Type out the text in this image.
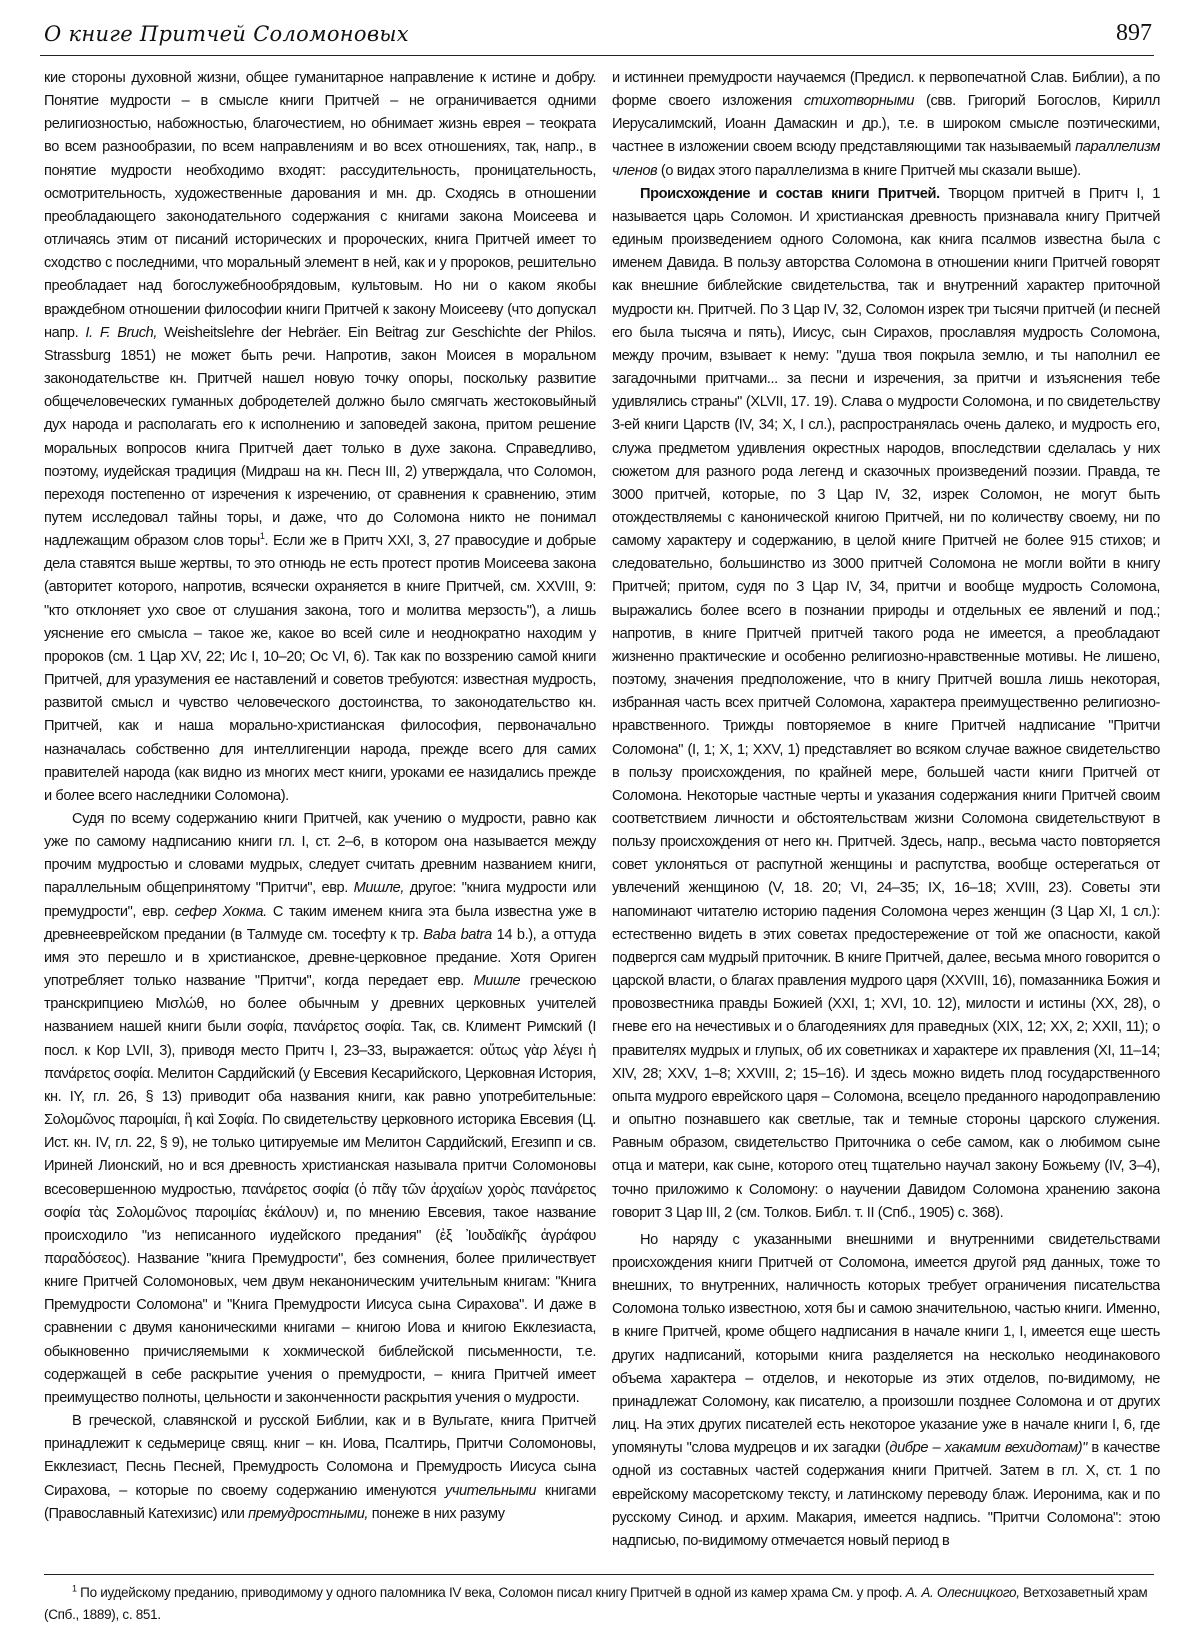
О книге Притчей Соломоновых	897

кие стороны духовной жизни, общее гуманитарное направление к истине и добру. Понятие мудрости – в смысле книги Притчей – не ограничивается одними религиозностью, набожностью, благочестием, но обнимает жизнь еврея – теократа во всем разнообразии, по всем направлениям и во всех отношениях, так, напр., в понятие мудрости необходимо входят: рассудительность, проницательность, осмотрительность, художественные дарования и мн. др. Сходясь в отношении преобладающего законодательного содержания с книгами закона Моисеева и отличаясь этим от писаний исторических и пророческих, книга Притчей имеет то сходство с последними, что моральный элемент в ней, как и у пророков, решительно преобладает над богослужебнообрядовым, культовым. Но ни о каком якобы враждебном отношении философии книги Притчей к закону Моисееву (что допускал напр. I. F. Bruch, Weisheitslehre der Hebräer. Ein Beitrag zur Geschichte der Philos. Strassburg 1851) не может быть речи. Напротив, закон Моисея в моральном законодательстве кн. Притчей нашел новую точку опоры, поскольку развитие общечеловеческих гуманных добродетелей должно было смягчать жестоковыйный дух народа и располагать его к исполнению и заповедей закона, притом решение моральных вопросов книга Притчей дает только в духе закона. Справедливо, поэтому, иудейская традиция (Мидраш на кн. Песн III, 2) утверждала, что Соломон, переходя постепенно от изречения к изречению, от сравнения к сравнению, этим путем исследовал тайны торы, и даже, что до Соломона никто не понимал надлежащим образом слов торы$^1$. Если же в Притч XXI, 3, 27 правосудие и добрые дела ставятся выше жертвы, то это отнюдь не есть протест против Моисеева закона (авторитет которого, напротив, всячески охраняется в книге Притчей, см. XXVIII, 9: "кто отклоняет ухо свое от слушания закона, того и молитва мерзость"), а лишь уяснение его смысла – такое же, какое во всей силе и неоднократно находим у пророков (см. 1 Цар XV, 22; Ис I, 10–20; Ос VI, 6). Так как по воззрению самой книги Притчей, для уразумения ее наставлений и советов требуются: известная мудрость, развитой смысл и чувство человеческого достоинства, то законодательство кн. Притчей, как и наша морально-христианская философия, первоначально назначалась собственно для интеллигенции народа, прежде всего для самих правителей народа (как видно из многих мест книги, уроками ее назидались прежде и более всего наследники Соломона).

Судя по всему содержанию книги Притчей, как учению о мудрости, равно как уже по самому надписанию книги гл. I, ст. 2–6, в котором она называется между прочим мудростью и словами мудрых, следует считать древним названием книги, параллельным общепринятому "Притчи", евр. Мишле, другое: "книга мудрости или премудрости", евр. сефер Хокма. С таким именем книга эта была известна уже в древнееврейском предании (в Талмуде см. тосефту к тр. Baba batra 14 b.), а оттуда имя это перешло и в христианское, древне-церковное предание. Хотя Ориген употребляет только название "Притчи", когда передает евр. Мишле греческою транскрипциею Μισλώθ, но более обычным у древних церковных учителей названием нашей книги были σοφία, πανάρετος σοφία. Так, св. Климент Римский (I посл. к Кор LVII, 3), приводя место Притч I, 23–33, выражается: οὕτως γὰρ λέγει ἡ πανάρετος σοφία. Мелитон Сардийский (у Евсевия Кесарийского, Церковная История, кн. IY, гл. 26, § 13) приводит оба названия книги, как равно употребительные: Σολομῶνος παροιμίαι, ἣ καὶ Σοφία. По свидетельству церковного историка Евсевия (Ц. Ист. кн. IV, гл. 22, § 9), не только цитируемые им Мелитон Сардийский, Егезипп и св. Ириней Лионский, но и вся древность христианская называла притчи Соломоновы всесовершенною мудростью, πανάρετος σοφία (ὁ πᾶγ τῶν ἀρχαίων χορὸς πανάρετος σοφία τὰς Σολομῶνος παροιμίας ἐκάλουν) и, по мнению Евсевия, такое название происходило "из неписанного иудейского предания" (ἐξ Ἰουδαϊκῆς ἀγράφου παραδόσεος). Название "книга Премудрости", без сомнения, более приличествует книге Притчей Соломоновых, чем двум неканоническим учительным книгам: "Книга Премудрости Соломона" и "Книга Премудрости Иисуса сына Сирахова". И даже в сравнении с двумя каноническими книгами – книгою Иова и книгою Екклезиаста, обыкновенно причисляемыми к хокмической библейской письменности, т.е. содержащей в себе раскрытие учения о премудрости, – книга Притчей имеет преимущество полноты, цельности и законченности раскрытия учения о мудрости.

В греческой, славянской и русской Библии, как и в Вульгате, книга Притчей принадлежит к седьмерице свящ. книг – кн. Иова, Псалтирь, Притчи Соломоновы, Екклезиаст, Песнь Песней, Премудрость Соломона и Премудрость Иисуса сына Сирахова, – которые по своему содержанию именуются учительными книгами (Православный Катехизис) или премудростными, понеже в них разуму

и истиннеи премудрости научаемся (Предисл. к первопечатной Слав. Библии), а по форме своего изложения стихотворными (свв. Григорий Богослов, Кирилл Иерусалимский, Иоанн Дамаскин и др.), т.е. в широком смысле поэтическими, частнее в изложении своем всюду представляющими так называемый параллелизм членов (о видах этого параллелизма в книге Притчей мы сказали выше).

Происхождение и состав книги Притчей. Творцом притчей в Притч I, 1 называется царь Соломон. И христианская древность признавала книгу Притчей единым произведением одного Соломона, как книга псалмов известна была с именем Давида. В пользу авторства Соломона в отношении книги Притчей говорят как внешние библейские свидетельства, так и внутренний характер приточной мудрости кн. Притчей. По 3 Цар IV, 32, Соломон изрек три тысячи притчей (и песней его была тысяча и пять), Иисус, сын Сирахов, прославляя мудрость Соломона, между прочим, взывает к нему: "душа твоя покрыла землю, и ты наполнил ее загадочными притчами... за песни и изречения, за притчи и изъяснения тебе удивлялись страны" (XLVII, 17. 19). Слава о мудрости Соломона, и по свидетельству 3-ей книги Царств (IV, 34; X, I сл.), распространялась очень далеко, и мудрость его, служа предметом удивления окрестных народов, впоследствии сделалась у них сюжетом для разного рода легенд и сказочных произведений поэзии. Правда, те 3000 притчей, которые, по 3 Цар IV, 32, изрек Соломон, не могут быть отождествляемы с канонической книгою Притчей, ни по количеству своему, ни по самому характеру и содержанию, в целой книге Притчей не более 915 стихов; и следовательно, большинство из 3000 притчей Соломона не могли войти в книгу Притчей; притом, судя по 3 Цар IV, 34, притчи и вообще мудрость Соломона, выражались более всего в познании природы и отдельных ее явлений и под.; напротив, в книге Притчей притчей такого рода не имеется, а преобладают жизненно практические и особенно религиозно-нравственные мотивы. Не лишено, поэтому, значения предположение, что в книгу Притчей вошла лишь некоторая, избранная часть всех притчей Соломона, характера преимущественно религиозно-нравственного. Трижды повторяемое в книге Притчей надписание "Притчи Соломона" (I, 1; X, 1; XXV, 1) представляет во всяком случае важное свидетельство в пользу происхождения, по крайней мере, большей части книги Притчей от Соломона. Некоторые частные черты и указания содержания книги Притчей своим соответствием личности и обстоятельствам жизни Соломона свидетельствуют в пользу происхождения от него кн. Притчей. Здесь, напр., весьма часто повторяется совет уклоняться от распутной женщины и распутства, вообще остерегаться от увлечений женщиною (V, 18. 20; VI, 24–35; IX, 16–18; XVIII, 23). Советы эти напоминают читателю историю падения Соломона через женщин (3 Цар XI, 1 сл.): естественно видеть в этих советах предостережение от той же опасности, какой подвергся сам мудрый приточник. В книге Притчей, далее, весьма много говорится о царской власти, о благах правления мудрого царя (XXVIII, 16), помазанника Божия и провозвестника правды Божией (XXI, 1; XVI, 10. 12), милости и истины (XX, 28), о гневе его на нечестивых и о благодеяниях для праведных (XIX, 12; XX, 2; XXII, 11); о правителях мудрых и глупых, об их советниках и характере их правления (XI, 11–14; XIV, 28; XXV, 1–8; XXVIII, 2; 15–16). И здесь можно видеть плод государственного опыта мудрого еврейского царя – Соломона, всецело преданного народоправлению и опытно познавшего как светлые, так и темные стороны царского служения. Равным образом, свидетельство Приточника о себе самом, как о любимом сыне отца и матери, как сыне, которого отец тщательно научал закону Божьему (IV, 3–4), точно приложимо к Соломону: о научении Давидом Соломона хранению закона говорит 3 Цар III, 2 (см. Толков. Библ. т. II (Спб., 1905) с. 368).

Но наряду с указанными внешними и внутренними свидетельствами происхождения книги Притчей от Соломона, имеется другой ряд данных, тоже то внешних, то внутренних, наличность которых требует ограничения писательства Соломона только известною, хотя бы и самою значительною, частью книги. Именно, в книге Притчей, кроме общего надписания в начале книги 1, I, имеется еще шесть других надписаний, которыми книга разделяется на несколько неодинакового объема характера – отделов, и некоторые из этих отделов, по-видимому, не принадлежат Соломону, как писателю, а произошли позднее Соломона и от других лиц. На этих других писателей есть некоторое указание уже в начале книги I, 6, где упомянуты "слова мудрецов и их загадки (дибре – хакамим вехидотам)" в качестве одной из составных частей содержания книги Притчей. Затем в гл. X, ст. 1 по еврейскому масоретскому тексту, и латинскому переводу блаж. Иеронима, как и по русскому Синод. и архим. Макария, имеется надпись. "Притчи Соломона": этою надписью, по-видимому отмечается новый период в

$^1$ По иудейскому преданию, приводимому у одного паломника IV века, Соломон писал книгу Притчей в одной из камер храма См. у проф. А. А. Олесницкого, Ветхозаветный храм (Спб., 1889), с. 851.
